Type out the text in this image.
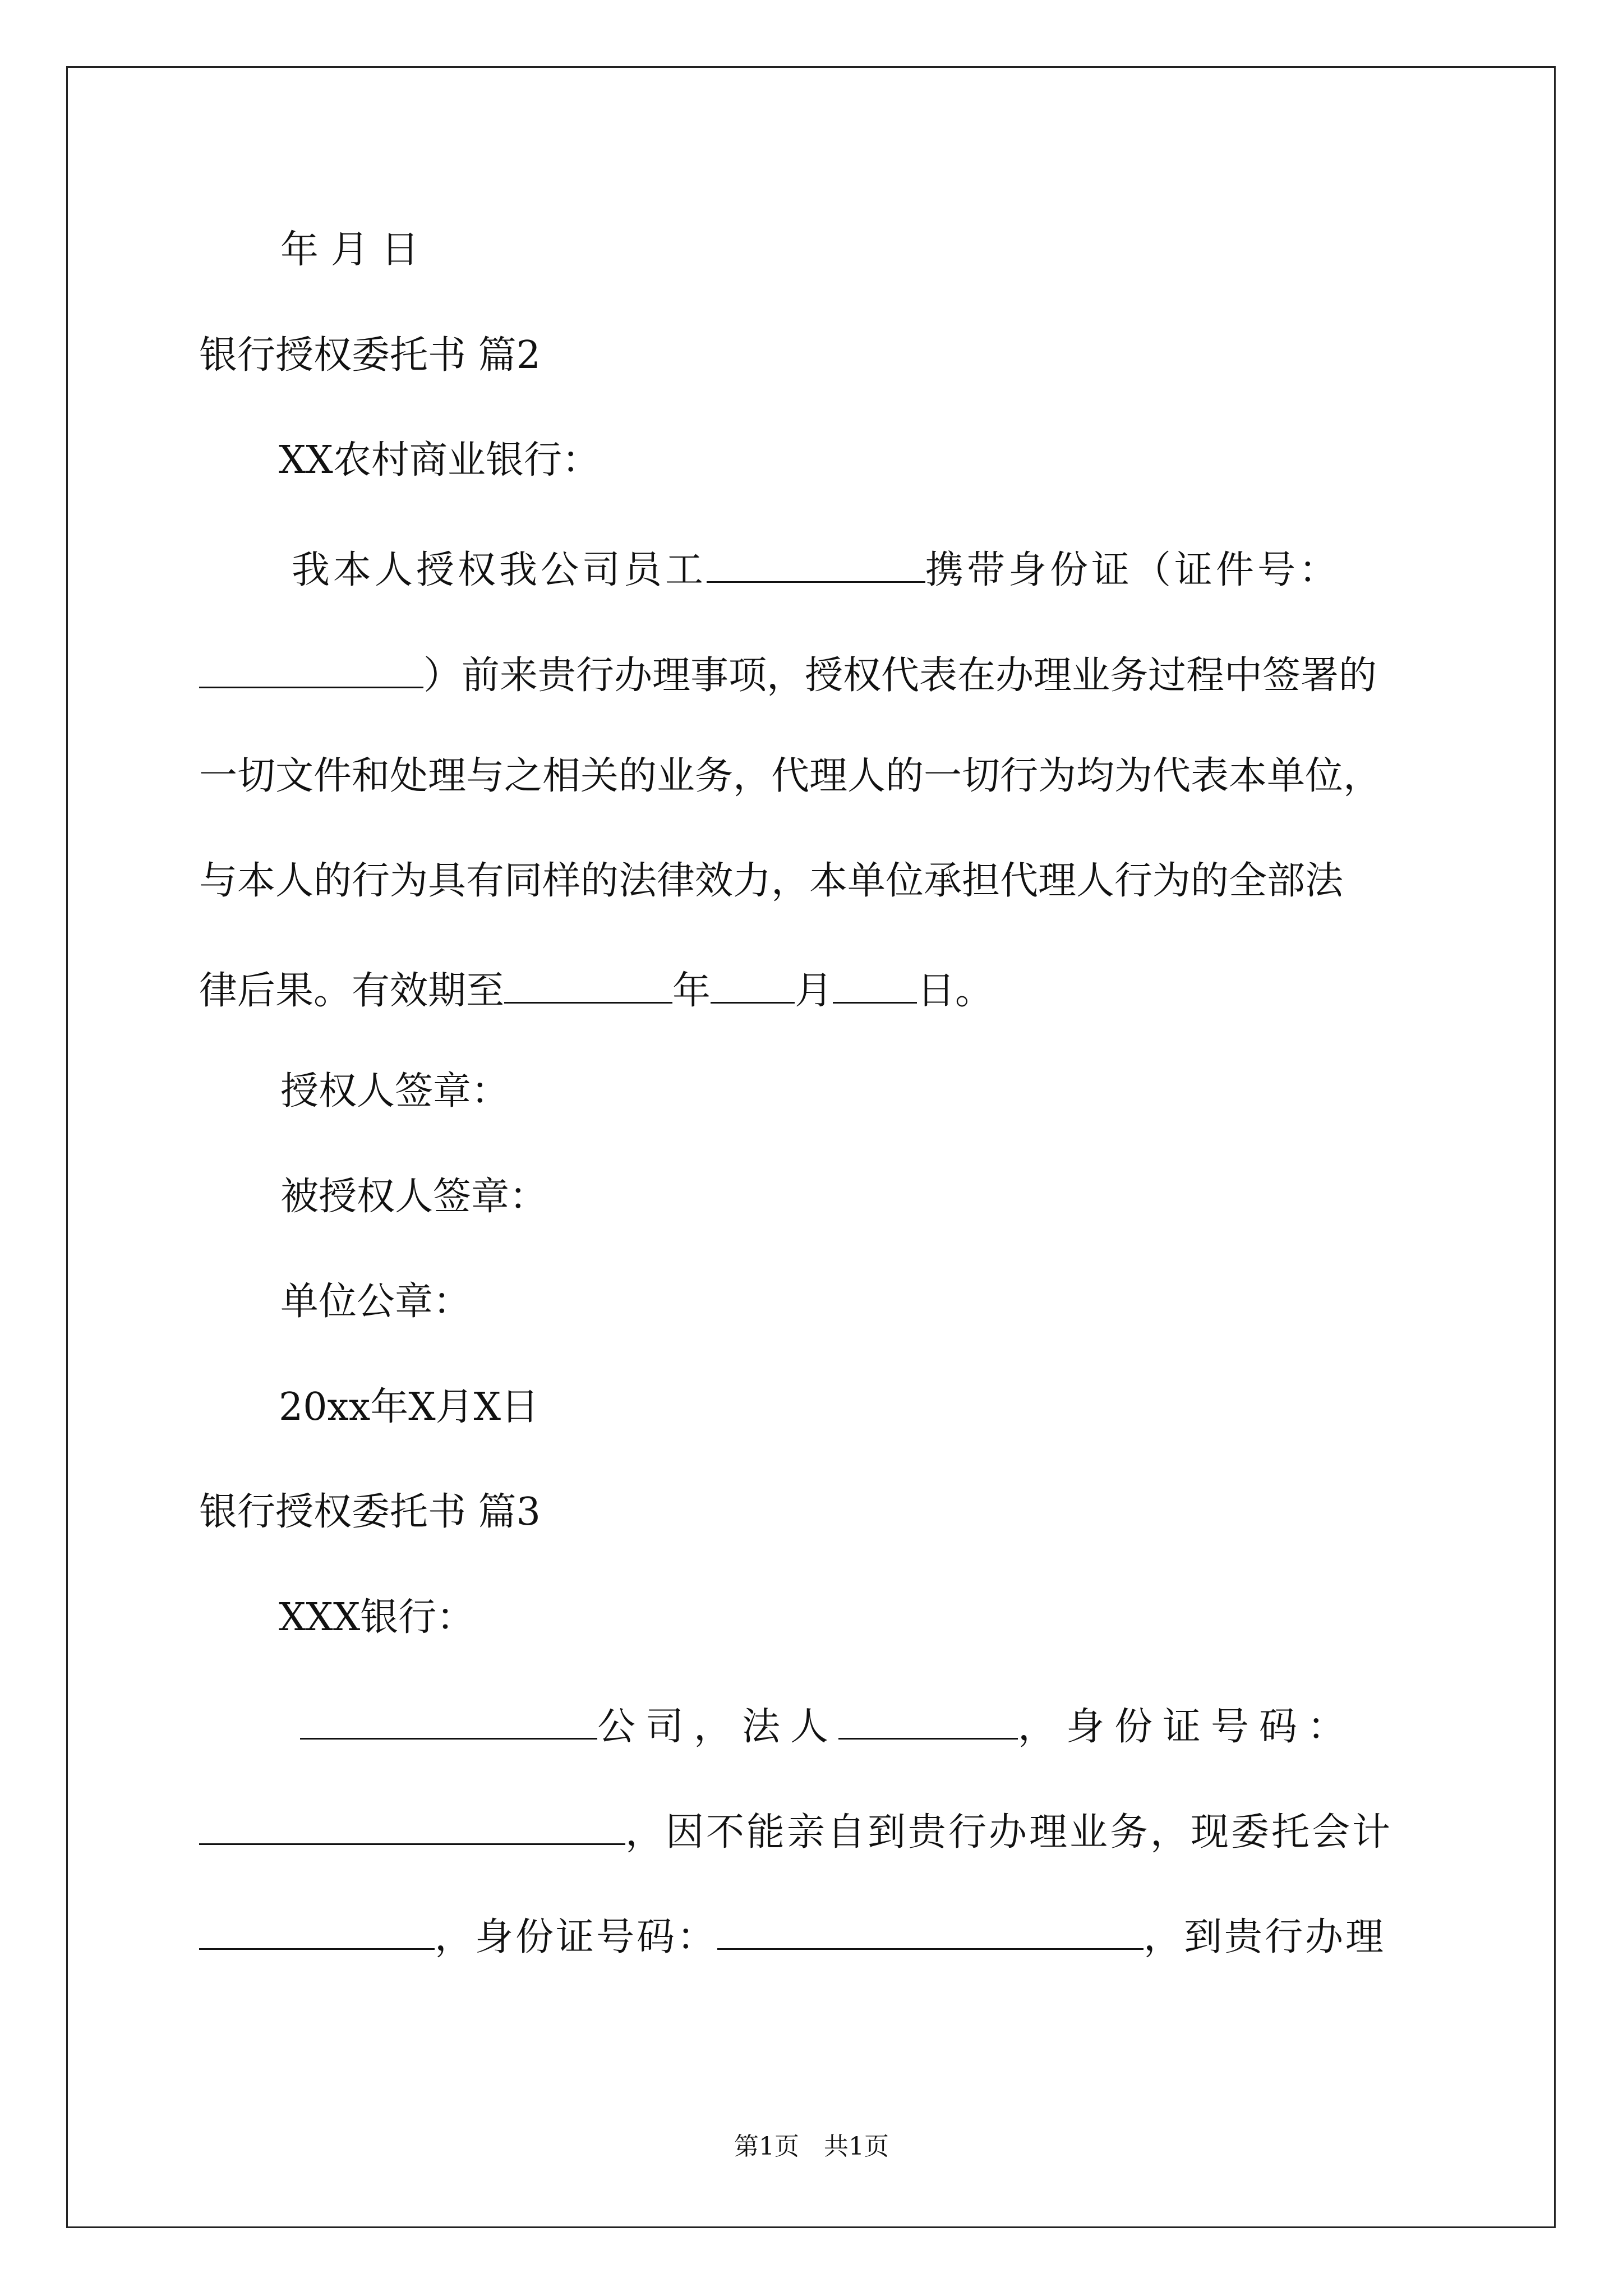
年 月 日
银行授权委托书 篇2
XX农村商业银行：
我本人授权我公司员工	携带身份证（证件号：
）前来贵行办理事项，授权代表在办理业务过程中签署的
一切文件和处理与之相关的业务，代理人的一切行为均为代表本单位，
与本人的行为具有同样的法律效力，本单位承担代理人行为的全部法
律后果。有效期至	年 月 日。
授权人签章：
被授权人签章：
单位公章：
20xx年X月X日
银行授权委托书 篇3
XXX银行：
公司，法人	，身份证号码：
，因不能亲自到贵行办理业务，现委托会计
，身份证号码：	，到贵行办理
第1页　共1页
